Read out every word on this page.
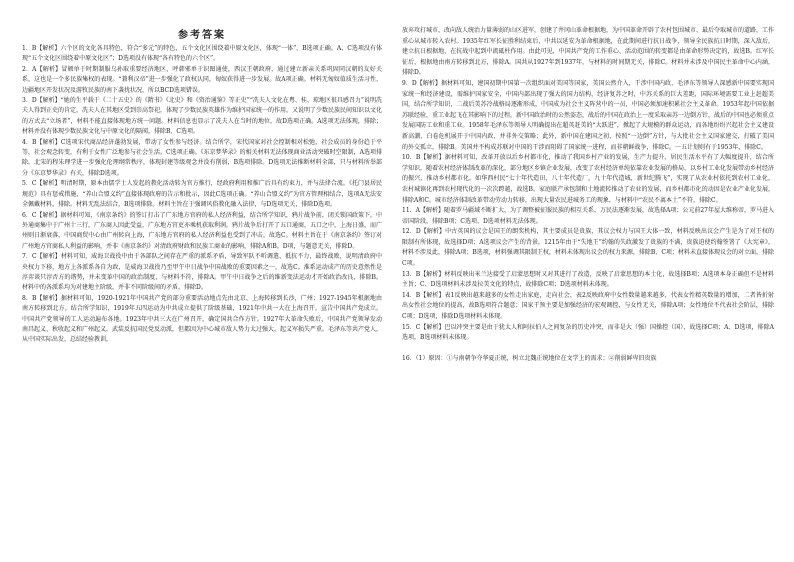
参考答案

1．B【解析】六个区的文化各具特色，符合“多元”的特色，五个文化区围绕着中原文化区，体现“一体”，B选项正确。A、C选项没有体现“五个文化区围绕着中原文化区”；D选项没有体现“各有特色的六个区”。

2．A【解析】冒顿单于时期制服乌孙取重要经济地区，呼韩邪单于识图通使，西汉王朝政府，通过建立新亲关系巩固同汉朝的友好关系，这也是一个多民族集权的表现。“兼利汉帝”进一步强化了政权认同，匈奴获得进一步发展。故A项正确。材料无匈奴值质生活习性、边疆地区开发状况及游牧民族的南下袭扰状况，所以BCD选项错误。

3．D【解析】“她的生平载于《二十五史》的《隋书》《北史》和《资治通鉴》等正史”“冼夫人文化在粤、桂、琼地区很具感召力”说明冼夫人得到正史的肯定，冼夫人在其地区受到崇高祭祀，体现了少数民族英雄作为维护国家统一的作用，又说明了少数民族民间知识以文化的方式去“立场者”，材料不能直接体现地方统一问题。材料信息也显示了冼夫人在当时的地位，故D选项正确。A选项无法体现，排除；材料并没有体现少数民族文化与中原文化的隔阂，排除B、C选项。

4．B【解析】C选项宋代商品经济蓬勃发展，带动了女性参与经济。结合所学，宋代国家对社会控制相对松弛，社会成员的身份趋于平等，社会观念转变，有利于女性广泛地参与社会生活。C选项正确。《东京梦华录》的相关材料无法体现商业活动突破时空限制，A选项排除。北宋的程朱理学进一步强化伦理纲常秩序，体现封建等级观念并没有削弱，B选项排除。D选项无法推断材料全部，只与材料所举部分《东京梦华录》有关，排除D选项。

5．C【解析】明清时期，原本由儒学士人发起的教化活动转为官方推行，经政府利用和推广后具有约束力，并与法律合流。《托门县居民规范》具有惩戒措施，“养山合盟义约”直接体现政府的告示和批示，因此C选项正确。“养山合盟义约”为官方管理相结合，选项A无法安全佩戴材料，排除。材料无乱法结合，B选项排除。材料主旨在于强调风俗教化融入法律，与D选项无关，排除D选项。

6．C【解析】据材料可知，《南京条约》的签订打击了广东地方官府的私人经济利益，结合所学知识，鸦片战争前，闭关锁国政策下，中外通商集中于广州十三行，广东商人因此受益，广东地方官吏亦乘机获取利润。鸦片战争后打开了五口通商，五口之中，上海日盛，而广州则日渐衰落，中国商贸中心由广州转向上海，广东地方官府的私人经济利益也受到了冲击，故选C。材料主旨在于《南京条约》签订对广州地方官商私人利益的影响，并非《南京条约》对清政府财政和民族工商业的影响，排除A和B。D项，与题意无关，排除D。

7．C【解析】材料可知，威海卫战役中由于各部队之间存在严重的派系矛盾，导致军队不听调遣、抵抗不力，最终战败，说明清政府中央权力下移，地方上各派系各自为政，是威海卫战役乃至甲午中日战争中国战败的重要因素之一，故选C。淮系运动成产的历史意然性是淳弈谈只淳否方的谐势，并未变革中国的政治制度，与材料不符，排除A。甲午中日战争之后的维新变法运动才开始政治改良，排除B。材料中的各派系均为对建地主阶级，并非不同阶级间的矛盾，排除D。

8．B【解析】据材料可知，1920-1921年中国共产党的部分重要活动地点先由北京、上海转移到长沙，广州；1927-1945年根据地由南方转移到北方。结合所学知识，1919年五四运动为中共成立提供了阶级基础，1921年中共一大在上海召开，宣告中国共产党成立。中国共产党领导的工人运动遍布各地。1923年中共三大在广州召开，确定国共合作方针。1927年大革命失败后，中国共产党领导发动南昌起义、秋收起义和广州起义，武装反抗国民党反动派，但都因为中心城市敌人势力太过强大，起义军损失严重。毛泽东等共产党人，从中国实际出发，总结经验教训，

放弃攻打城市，改向敌人统治力量薄弱的山区进军，创建了井冈山革命根据地，为中国革命开辟了农村包围城市、最后夺取城市的道路，工作重心从城市转入农村。1935年红军长征胜利结束后，中共以延安为革命根据地，在此期间进行抗日战争，领导全民族抗日时期，深入敌后，建立抗日根据地，在抗战中起到中流砥柱作用。由此可见，中国共产党的工作重心、活动范围的转变都是由革命形势决定的，故选B。红军长征后，根据地由南方转移到北方，排除A。国共从1927年到1937年，与材料的时间期无关，排除C。材料并未涉及中国民主革命中心内涵，排除D。

9．D【解析】据材料可知，建国初期中国第一次组织面对美国等国家，美国公然介入，干涉中国内政，毛泽东等领导人深感新中国要实现国家统一和经济建设，需维护国家安全，中国内部出现了强大的国力结构，经济复苏之时，中苏关系的巨大差距，国际环境需要工业上赶超美国，结合所学知识，二战后美苏冷战格局逐渐形成，中国成为社会主义阵营中的一员，中国必须加速积累社会主义革命。1953年起中国依据苏联经验，重工业起飞在其影响下的过程，新中国政治时的公然姿态，战后的中国在政治上一度采取亲苏一边倒方针，战后的中国也必须重点发展国防工业和重工业。1958年毛泽东等领导人明确提出在超英赶美的“大跃进”，掀起了大规模的群众运动，而各地纷纷兴起社会主义建设新高潮，白卷危机展开于中国内政，并非外交策略；此外，新中国在建国之初，按照“一边倒”方针，与大批社会主义国家建交，打破了美国的外交孤立，排除B。美国并不构成苏联对中国的干涉而阻碍了国家统一进程，而非朝鲜战争，排除C。一五计划则有于1953年，排除C。

10．B【解析】据材料可知，改革开放以后乡村都市化，推动了我国乡村产业的发展，生产力提升，居民生活水平有了大幅度提升，结合所学知识，随着农村经济体制改革的深化，部分地区乡镇企业发展，改变了农村经济单纯依靠农业发展的格局，以乡村工业化发展带动乡村经济的振兴，推动乡村都市化。如华西村民“七十年代造田，八十年代造厂，九十年代造城，新世纪腾飞”，实现了从农业村依托到农村工业化，农村城镇化再到农村现代化的一次次跨越，故选B。家庭联产承包制和土地流转推动了农业的发展，而乡村都市化的动因是农业产业化发展，排除A和C。城市经济体制改革带动劳动力转移，出现大量农民进城务工的现象，与材料中“农民不离本土”不符，排除C。

11．A【解析】随着罗马疆域不断扩大，为了调整被征服民族的相互关系，万民法逐渐发展，故选择A项；公元前27年屋大维称帝，罗马进入帝国阶段，排除B项；C选项、D选项材料无法体现。

12．D【解析】中古英国的议会是国王的朗奖机构，其主要成员是贵族，其议会权力与国王大体一致，材料反映出议会产生是为了对王权的限制有所体现，故选择D项；A选项议会产生的背景，1215年由于“失地王”约翰的失政激发了贵族的不满，贵族迫使约翰签署了《大宪章》，材料不涉及此，排除A项；B选项，材料强调其限制王权，材料未体现出议会的权力来源，排除B、C项；材料未直接体现议会的对立面，排除C项。

13．B【解析】材料反映出米兰达接受了启蒙思想时又对其进行了改造，反映了启蒙思想的本土化，故选择B项；A选项本身正确但不是材料主旨；C、D选项材料未涉及拉美文化的特点，故排除C项；D选项材料未体现。

14．B【解析】表1反映出越来越多的女性走出家庭，走向社会，表2反映政府中女性数量越来越多，代表女性精英数量的增加，二者皆折射出女性社会地位的提高，故B选项符合题意；国家干预主要是加强经济的宏观调控，与女性无关，排除A项；女性地位不代表社会阶层，排除C项；D选项，排除D选项材料未体现。

15．C【解析】巴以冲突主要是由于犹太人和阿拉伯人之间复杂的历史冲突，而非是大（强）国操控（国），故选择C项；A、D选项，排除A选项，B选项材料未体现。

16．（1）原因：①与南朝争夺华夏正统，树立北魏正统地位在文学上的需求；②削弱鲜卑旧贵族
